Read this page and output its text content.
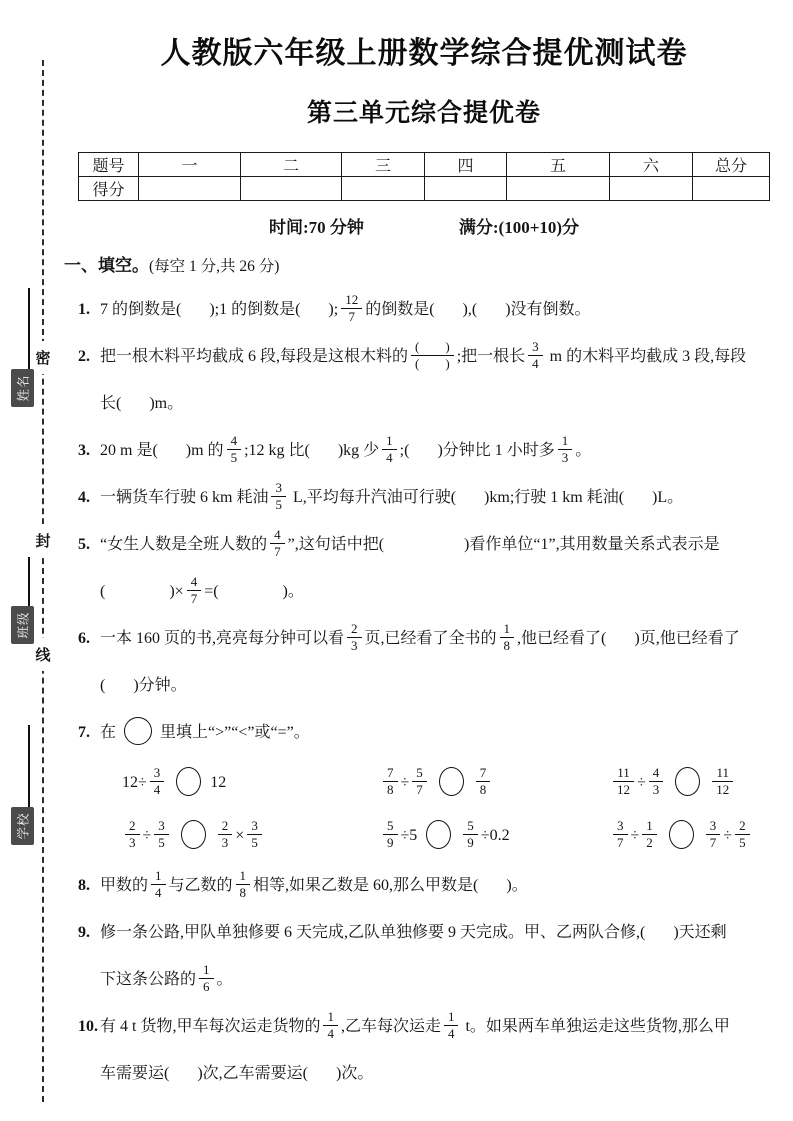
密
封
线
姓名
班级
学校
人教版六年级上册数学综合提优测试卷
第三单元综合提优卷
题号	一	二	三	四	五	六	总分
得分							
时间:70 分钟	满分:(100+10)分
一、填空。(每空 1 分,共 26 分)
1. 7 的倒数是(       );1 的倒数是(       ); $\frac{12}{7}$ 的倒数是(       ),(       )没有倒数。
2. 把一根木料平均截成 6 段,每段是这根木料的 $\frac{( )}{( )}$ ;把一根长 $\frac{3}{4}$ m 的木料平均截成 3 段,每段
长(       )m。
3. 20 m 是(       )m 的 $\frac{4}{5}$ ;12 kg 比(       )kg 少 $\frac{1}{4}$ ;(       )分钟比 1 小时多 $\frac{1}{3}$ 。
4. 一辆货车行驶 6 km 耗油 $\frac{3}{5} L$,平均每升汽油可行驶(       )km;行驶 1 km 耗油(       )L。
5. “女生人数是全班人数的 $\frac{4}{7}$ ”,这句话中把(                    )看作单位“1”,其用数量关系式表示是
(                )× $\frac{4}{7}$ =(                )。
6. 一本 160 页的书,亮亮每分钟可以看 $\frac{2}{3}$ 页,已经看了全书的 $\frac{1}{8}$ ,他已经看了(       )页,他已经看了
(       )分钟。
7. 在	里填上“>”“<”或“=”。
$12\div \frac{3}{4}$	12	$\frac{7}{8} \div \frac{5}{7}$	$\frac{7}{8}$	$\frac{11}{12} \div \frac{4}{3}$	$\frac{11}{12}$
$\frac{2}{3} \div \frac{3}{5}$	$\frac{2}{3} \times \frac{3}{5}$	$\frac{5}{9} \div 5$	$\frac{5}{9} \div 0.2$	$\frac{3}{7} \div \frac{1}{2}$	$\frac{3}{7} \div \frac{2}{5}$
8. 甲数的 $\frac{1}{4}$ 与乙数的 $\frac{1}{8}$ 相等,如果乙数是 60,那么甲数是(       )。
9. 修一条公路,甲队单独修要 6 天完成,乙队单独修要 9 天完成。甲、乙两队合修,(       )天还剩
下这条公路的 $\frac{1}{6}$ 。
10. 有 4 t 货物,甲车每次运走货物的 $\frac{1}{4}$ ,乙车每次运走 $\frac{1}{4}$ t。如果两车单独运走这些货物,那么甲
车需要运(       )次,乙车需要运(       )次。
